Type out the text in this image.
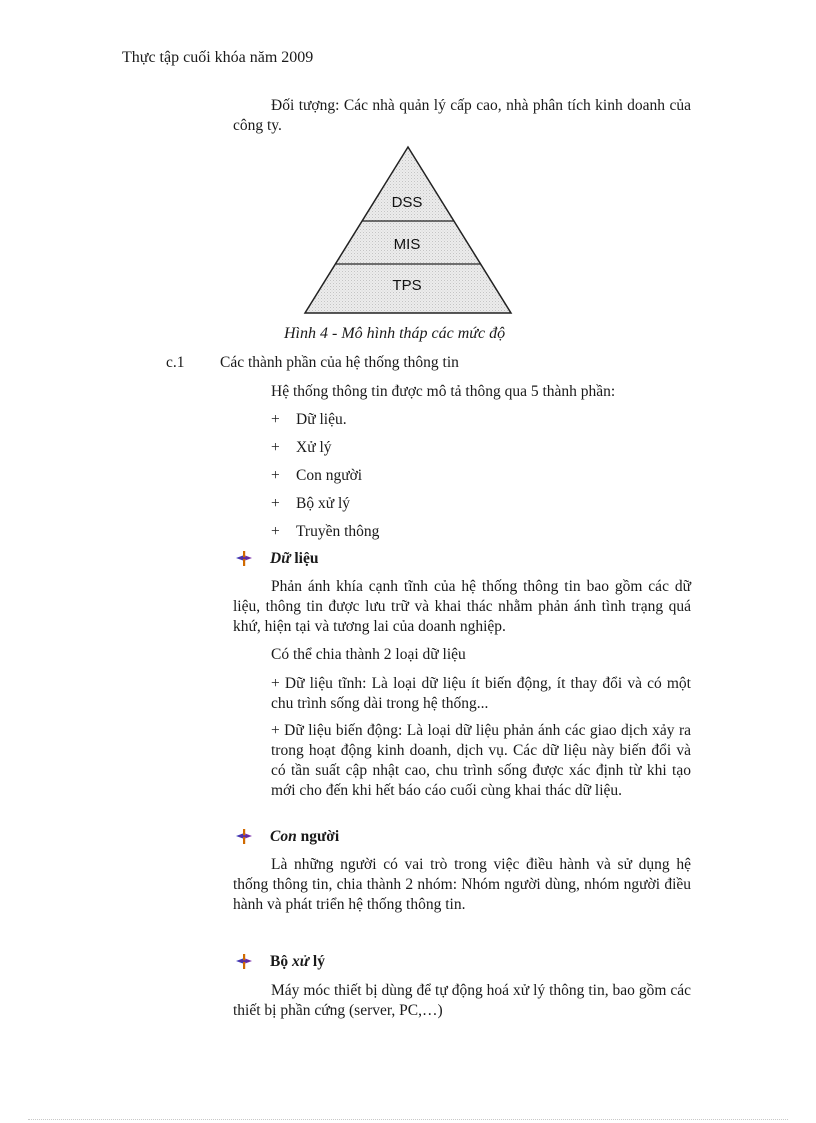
Thực tập cuối khóa năm 2009
Đối tượng: Các nhà quản lý cấp cao, nhà phân tích kinh doanh của công ty.
DSS
MIS
TPS
Hình 4 - Mô hình tháp các mức độ
c.1 Các thành phần của hệ thống thông tin
Hệ thống thông tin được mô tả thông qua 5 thành phần:
+ Dữ liệu.
+ Xử lý
+ Con người
+ Bộ xử lý
+ Truyền thông
Dữ liệu
Phản ánh khía cạnh tĩnh của hệ thống thông tin bao gồm các dữ liệu, thông tin được lưu trữ và khai thác nhằm phản ánh tình trạng quá khứ, hiện tại và tương lai của doanh nghiệp.
Có thể chia thành 2 loại dữ liệu
+ Dữ liệu tĩnh: Là loại dữ liệu ít biến động, ít thay đổi và có một chu trình sống dài trong hệ thống...
+ Dữ liệu biến động: Là loại dữ liệu phản ánh các giao dịch xảy ra trong hoạt động kinh doanh, dịch vụ. Các dữ liệu này biến đổi và có tần suất cập nhật cao, chu trình sống được xác định từ khi tạo mới cho đến khi hết báo cáo cuối cùng khai thác dữ liệu.
Con người
Là những người có vai trò trong việc điều hành và sử dụng hệ thống thông tin, chia thành 2 nhóm: Nhóm người dùng, nhóm người điều hành và phát triển hệ thống thông tin.
Bộ xử lý
Máy móc thiết bị dùng để tự động hoá xử lý thông tin, bao gồm các thiết bị phần cứng (server, PC,…)
